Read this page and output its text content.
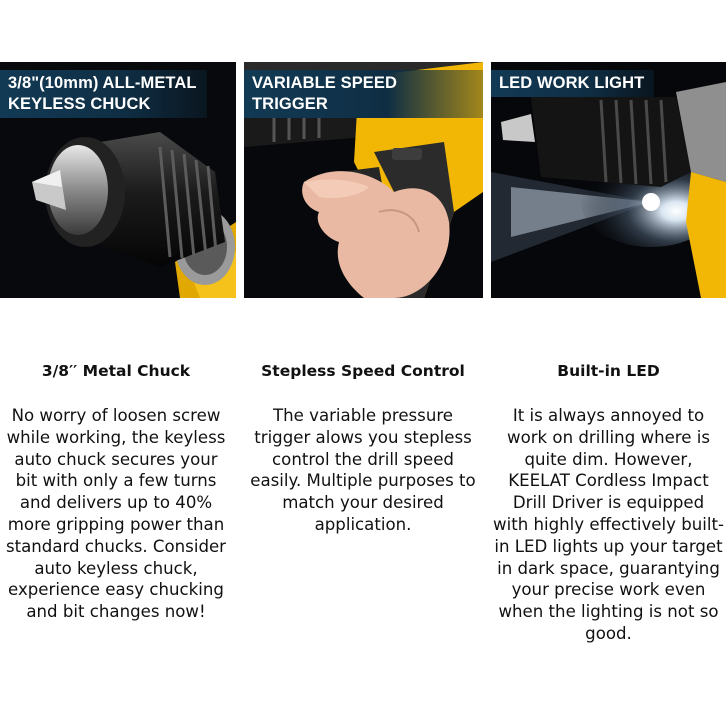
3/8"(10mm) ALL-METAL
KEYLESS CHUCK
VARIABLE SPEED TRIGGER
LED WORK LIGHT
3/8′′ Metal Chuck
No worry of loosen screw while working, the keyless auto chuck secures your bit with only a few turns and delivers up to 40% more gripping power than standard chucks. Consider auto keyless chuck, experience easy chucking and bit changes now!
Stepless Speed Control
The variable pressure trigger alows you stepless control the drill speed easily. Multiple purposes to match your desired application.
Built-in LED
It is always annoyed to work on drilling where is quite dim. However, KEELAT Cordless Impact Drill Driver is equipped with highly effectively built-in LED lights up your target in dark space, guarantying your precise work even when the lighting is not so good.
